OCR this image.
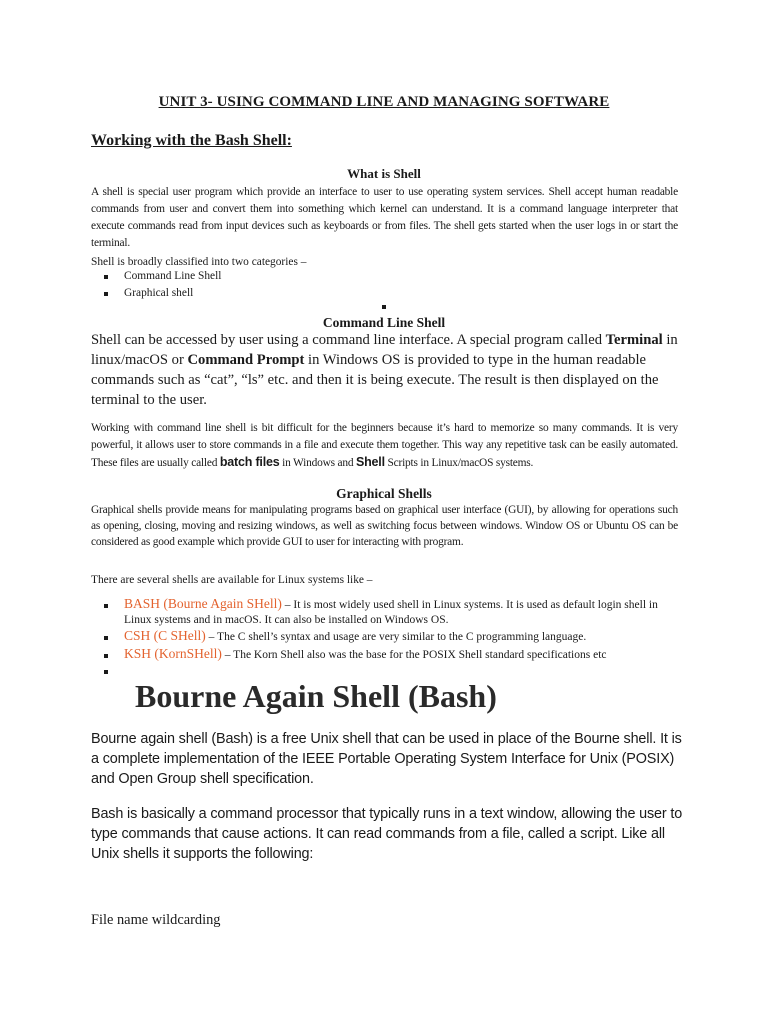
UNIT 3- USING COMMAND LINE AND MANAGING SOFTWARE
Working with the Bash Shell:
What is Shell
A shell is special user program which provide an interface to user to use operating system services. Shell accept human readable commands from user and convert them into something which kernel can understand. It is a command language interpreter that execute commands read from input devices such as keyboards or from files. The shell gets started when the user logs in or start the terminal.
Shell is broadly classified into two categories –
Command Line Shell
Graphical shell
Command Line Shell
Shell can be accessed by user using a command line interface. A special program called Terminal in linux/macOS or Command Prompt in Windows OS is provided to type in the human readable commands such as “cat”, “ls” etc. and then it is being execute. The result is then displayed on the terminal to the user.
Working with command line shell is bit difficult for the beginners because it’s hard to memorize so many commands. It is very powerful, it allows user to store commands in a file and execute them together. This way any repetitive task can be easily automated. These files are usually called batch files in Windows and Shell Scripts in Linux/macOS systems.
Graphical Shells
Graphical shells provide means for manipulating programs based on graphical user interface (GUI), by allowing for operations such as opening, closing, moving and resizing windows, as well as switching focus between windows. Window OS or Ubuntu OS can be considered as good example which provide GUI to user for interacting with program.
There are several shells are available for Linux systems like –
BASH (Bourne Again SHell) – It is most widely used shell in Linux systems. It is used as default login shell in Linux systems and in macOS. It can also be installed on Windows OS.
CSH (C SHell) – The C shell’s syntax and usage are very similar to the C programming language.
KSH (KornSHell) – The Korn Shell also was the base for the POSIX Shell standard specifications etc
Bourne Again Shell (Bash)
Bourne again shell (Bash) is a free Unix shell that can be used in place of the Bourne shell. It is a complete implementation of the IEEE Portable Operating System Interface for Unix (POSIX) and Open Group shell specification.
Bash is basically a command processor that typically runs in a text window, allowing the user to type commands that cause actions. It can read commands from a file, called a script. Like all Unix shells it supports the following:
File name wildcarding
